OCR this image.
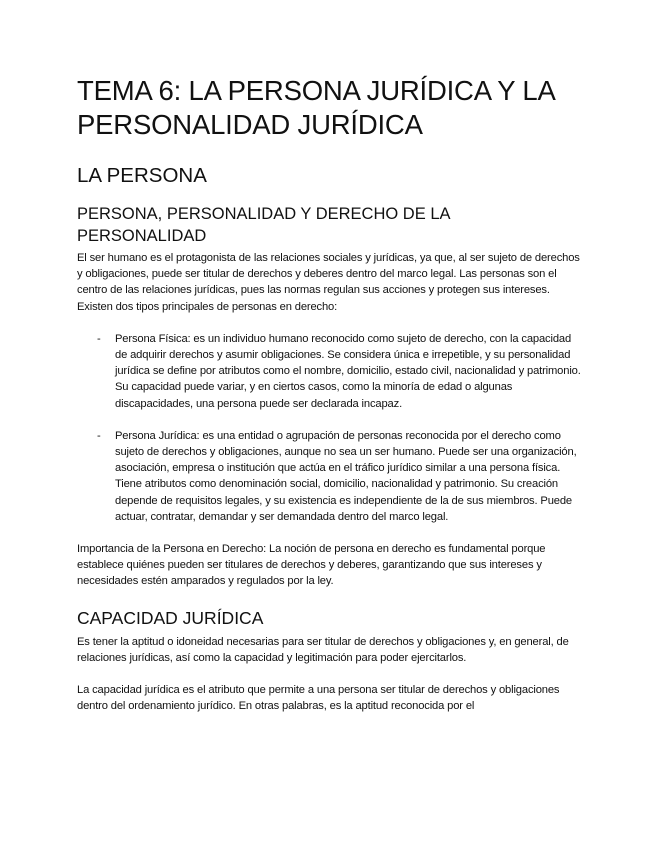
TEMA 6: LA PERSONA JURÍDICA Y LA PERSONALIDAD JURÍDICA
LA PERSONA
PERSONA, PERSONALIDAD Y DERECHO DE LA PERSONALIDAD

El ser humano es el protagonista de las relaciones sociales y jurídicas, ya que, al ser sujeto de derechos y obligaciones, puede ser titular de derechos y deberes dentro del marco legal. Las personas son el centro de las relaciones jurídicas, pues las normas regulan sus acciones y protegen sus intereses. Existen dos tipos principales de personas en derecho:

- Persona Física: es un individuo humano reconocido como sujeto de derecho, con la capacidad de adquirir derechos y asumir obligaciones. Se considera única e irrepetible, y su personalidad jurídica se define por atributos como el nombre, domicilio, estado civil, nacionalidad y patrimonio. Su capacidad puede variar, y en ciertos casos, como la minoría de edad o algunas discapacidades, una persona puede ser declarada incapaz.
- Persona Jurídica: es una entidad o agrupación de personas reconocida por el derecho como sujeto de derechos y obligaciones, aunque no sea un ser humano. Puede ser una organización, asociación, empresa o institución que actúa en el tráfico jurídico similar a una persona física. Tiene atributos como denominación social, domicilio, nacionalidad y patrimonio. Su creación depende de requisitos legales, y su existencia es independiente de la de sus miembros. Puede actuar, contratar, demandar y ser demandada dentro del marco legal.

Importancia de la Persona en Derecho: La noción de persona en derecho es fundamental porque establece quiénes pueden ser titulares de derechos y deberes, garantizando que sus intereses y necesidades estén amparados y regulados por la ley.

CAPACIDAD JURÍDICA

Es tener la aptitud o idoneidad necesarias para ser titular de derechos y obligaciones y, en general, de relaciones jurídicas, así como la capacidad y legitimación para poder ejercitarlos.

La capacidad jurídica es el atributo que permite a una persona ser titular de derechos y obligaciones dentro del ordenamiento jurídico. En otras palabras, es la aptitud reconocida por el
